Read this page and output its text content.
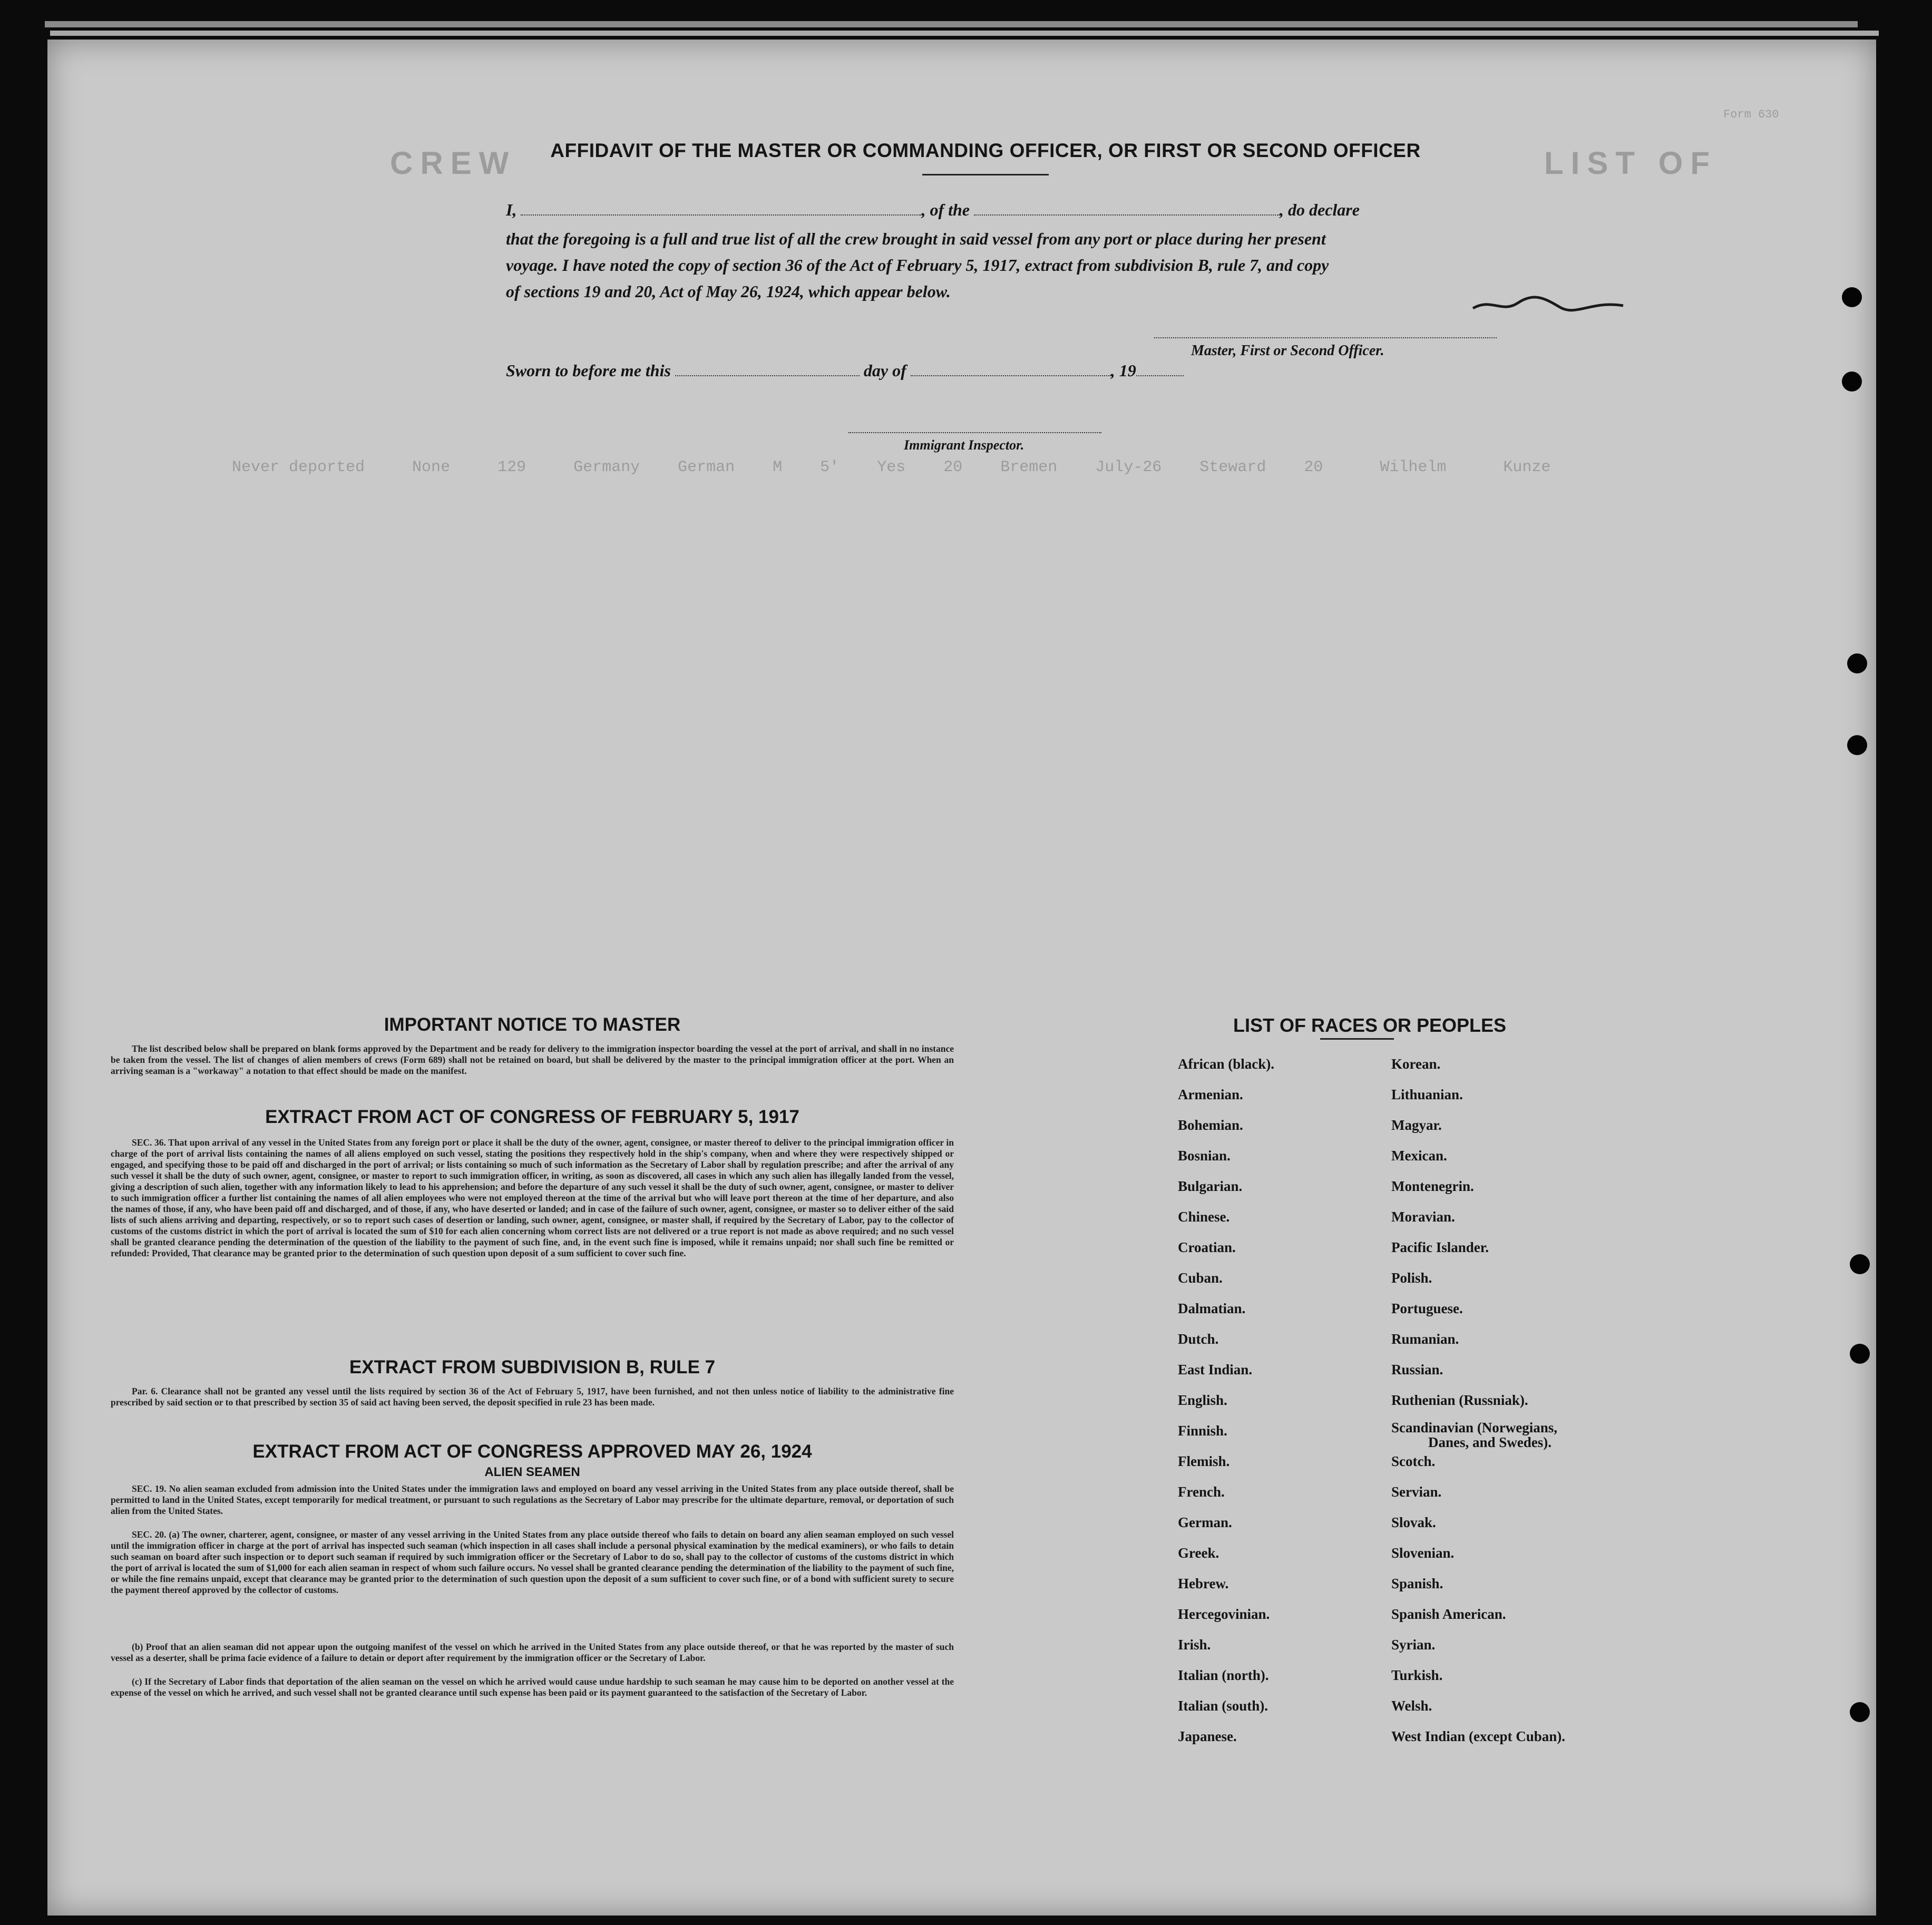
Form 630
CREW	LIST OF
Never deported     None     129     Germany    German    M    5'    Yes    20    Bremen    July-26    Steward    20      Wilhelm      Kunze
AFFIDAVIT OF THE MASTER OR COMMANDING OFFICER, OR FIRST OR SECOND OFFICER
I,	, of the	, do declare
that the foregoing is a full and true list of all the crew brought in said vessel from any port or place during her present
voyage. I have noted the copy of section 36 of the Act of February 5, 1917, extract from subdivision B, rule 7, and copy
of sections 19 and 20, Act of May 26, 1924, which appear below.
Master, First or Second Officer.
Sworn to before me this	day of	, 19
Immigrant Inspector.
IMPORTANT NOTICE TO MASTER
The list described below shall be prepared on blank forms approved by the Department and be ready for delivery to the immigration inspector boarding the vessel at the port of arrival, and shall in no instance be taken from the vessel. The list of changes of alien members of crews (Form 689) shall not be retained on board, but shall be delivered by the master to the principal immigration officer at the port. When an arriving seaman is a "workaway" a notation to that effect should be made on the manifest.
EXTRACT FROM ACT OF CONGRESS OF FEBRUARY 5, 1917
SEC. 36. That upon arrival of any vessel in the United States from any foreign port or place it shall be the duty of the owner, agent, consignee, or master thereof to deliver to the principal immigration officer in charge of the port of arrival lists containing the names of all aliens employed on such vessel, stating the positions they respectively hold in the ship's company, when and where they were respectively shipped or engaged, and specifying those to be paid off and discharged in the port of arrival; or lists containing so much of such information as the Secretary of Labor shall by regulation prescribe; and after the arrival of any such vessel it shall be the duty of such owner, agent, consignee, or master to report to such immigration officer, in writing, as soon as discovered, all cases in which any such alien has illegally landed from the vessel, giving a description of such alien, together with any information likely to lead to his apprehension; and before the departure of any such vessel it shall be the duty of such owner, agent, consignee, or master to deliver to such immigration officer a further list containing the names of all alien employees who were not employed thereon at the time of the arrival but who will leave port thereon at the time of her departure, and also the names of those, if any, who have been paid off and discharged, and of those, if any, who have deserted or landed; and in case of the failure of such owner, agent, consignee, or master so to deliver either of the said lists of such aliens arriving and departing, respectively, or so to report such cases of desertion or landing, such owner, agent, consignee, or master shall, if required by the Secretary of Labor, pay to the collector of customs of the customs district in which the port of arrival is located the sum of $10 for each alien concerning whom correct lists are not delivered or a true report is not made as above required; and no such vessel shall be granted clearance pending the determination of the question of the liability to the payment of such fine, and, in the event such fine is imposed, while it remains unpaid; nor shall such fine be remitted or refunded: Provided, That clearance may be granted prior to the determination of such question upon deposit of a sum sufficient to cover such fine.
EXTRACT FROM SUBDIVISION B, RULE 7
Par. 6. Clearance shall not be granted any vessel until the lists required by section 36 of the Act of February 5, 1917, have been furnished, and not then unless notice of liability to the administrative fine prescribed by said section or to that prescribed by section 35 of said act having been served, the deposit specified in rule 23 has been made.
EXTRACT FROM ACT OF CONGRESS APPROVED MAY 26, 1924
ALIEN SEAMEN
SEC. 19. No alien seaman excluded from admission into the United States under the immigration laws and employed on board any vessel arriving in the United States from any place outside thereof, shall be permitted to land in the United States, except temporarily for medical treatment, or pursuant to such regulations as the Secretary of Labor may prescribe for the ultimate departure, removal, or deportation of such alien from the United States.
SEC. 20. (a) The owner, charterer, agent, consignee, or master of any vessel arriving in the United States from any place outside thereof who fails to detain on board any alien seaman employed on such vessel until the immigration officer in charge at the port of arrival has inspected such seaman (which inspection in all cases shall include a personal physical examination by the medical examiners), or who fails to detain such seaman on board after such inspection or to deport such seaman if required by such immigration officer or the Secretary of Labor to do so, shall pay to the collector of customs of the customs district in which the port of arrival is located the sum of $1,000 for each alien seaman in respect of whom such failure occurs. No vessel shall be granted clearance pending the determination of the liability to the payment of such fine, or while the fine remains unpaid, except that clearance may be granted prior to the determination of such question upon the deposit of a sum sufficient to cover such fine, or of a bond with sufficient surety to secure the payment thereof approved by the collector of customs.
(b) Proof that an alien seaman did not appear upon the outgoing manifest of the vessel on which he arrived in the United States from any place outside thereof, or that he was reported by the master of such vessel as a deserter, shall be prima facie evidence of a failure to detain or deport after requirement by the immigration officer or the Secretary of Labor.
(c) If the Secretary of Labor finds that deportation of the alien seaman on the vessel on which he arrived would cause undue hardship to such seaman he may cause him to be deported on another vessel at the expense of the vessel on which he arrived, and such vessel shall not be granted clearance until such expense has been paid or its payment guaranteed to the satisfaction of the Secretary of Labor.
LIST OF RACES OR PEOPLES
African (black).
Armenian.
Bohemian.
Bosnian.
Bulgarian.
Chinese.
Croatian.
Cuban.
Dalmatian.
Dutch.
East Indian.
English.
Finnish.
Flemish.
French.
German.
Greek.
Hebrew.
Hercegovinian.
Irish.
Italian (north).
Italian (south).
Japanese.
Korean.
Lithuanian.
Magyar.
Mexican.
Montenegrin.
Moravian.
Pacific Islander.
Polish.
Portuguese.
Rumanian.
Russian.
Ruthenian (Russniak).
Scandinavian (Norwegians,
Danes, and Swedes).
Scotch.
Servian.
Slovak.
Slovenian.
Spanish.
Spanish American.
Syrian.
Turkish.
Welsh.
West Indian (except Cuban).
